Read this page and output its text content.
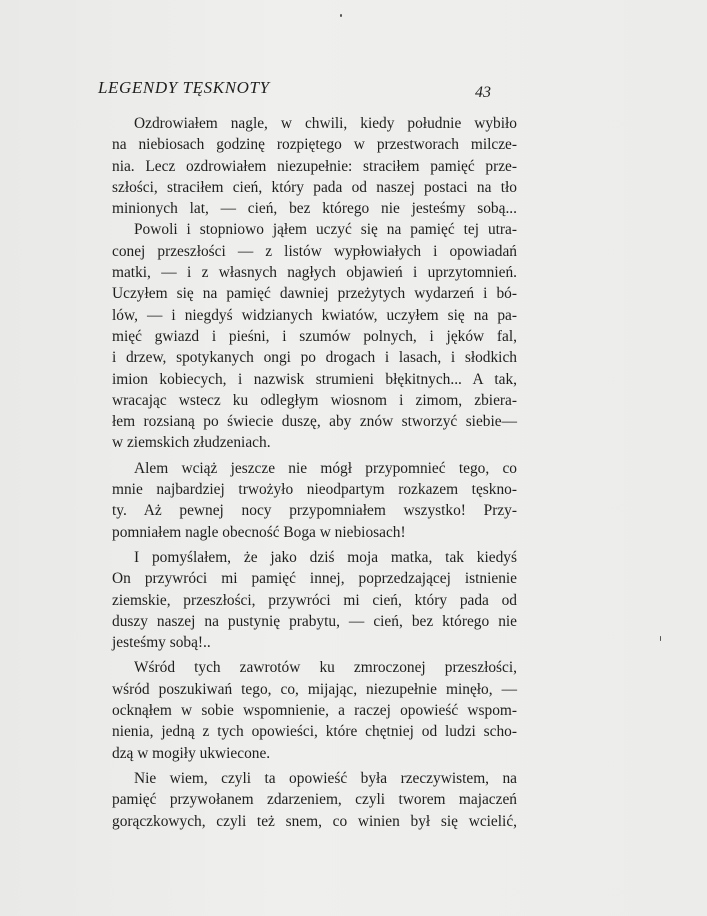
LEGENDY TĘSKNOTY	43
Ozdrowiałem nagle, w chwili, kiedy południe wybiło
na niebiosach godzinę rozpiętego w przestworach milcze-
nia. Lecz ozdrowiałem niezupełnie: straciłem pamięć prze-
szłości, straciłem cień, który pada od naszej postaci na tło
minionych lat, — cień, bez którego nie jesteśmy sobą...
Powoli i stopniowo jąłem uczyć się na pamięć tej utra-
conej przeszłości — z listów wypłowiałych i opowiadań
matki, — i z własnych nagłych objawień i uprzytomnień.
Uczyłem się na pamięć dawniej przeżytych wydarzeń i bó-
lów, — i niegdyś widzianych kwiatów, uczyłem się na pa-
mięć gwiazd i pieśni, i szumów polnych, i jęków fal,
i drzew, spotykanych ongi po drogach i lasach, i słodkich
imion kobiecych, i nazwisk strumieni błękitnych... A tak,
wracając wstecz ku odległym wiosnom i zimom, zbiera-
łem rozsianą po świecie duszę, aby znów stworzyć siebie—
w ziemskich złudzeniach.
Alem wciąż jeszcze nie mógł przypomnieć tego, co
mnie najbardziej trwożyło nieodpartym rozkazem tęskno-
ty. Aż pewnej nocy przypomniałem wszystko! Przy-
pomniałem nagle obecność Boga w niebiosach!
I pomyślałem, że jako dziś moja matka, tak kiedyś
On przywróci mi pamięć innej, poprzedzającej istnienie
ziemskie, przeszłości, przywróci mi cień, który pada od
duszy naszej na pustynię prabytu, — cień, bez którego nie
jesteśmy sobą!..
Wśród tych zawrotów ku zmroczonej przeszłości,
wśród poszukiwań tego, co, mijając, niezupełnie minęło, —
ocknąłem w sobie wspomnienie, a raczej opowieść wspom-
nienia, jedną z tych opowieści, które chętniej od ludzi scho-
dzą w mogiły ukwiecone.
Nie wiem, czyli ta opowieść była rzeczywistem, na
pamięć przywołanem zdarzeniem, czyli tworem majaczeń
gorączkowych, czyli też snem, co winien był się wcielić,
